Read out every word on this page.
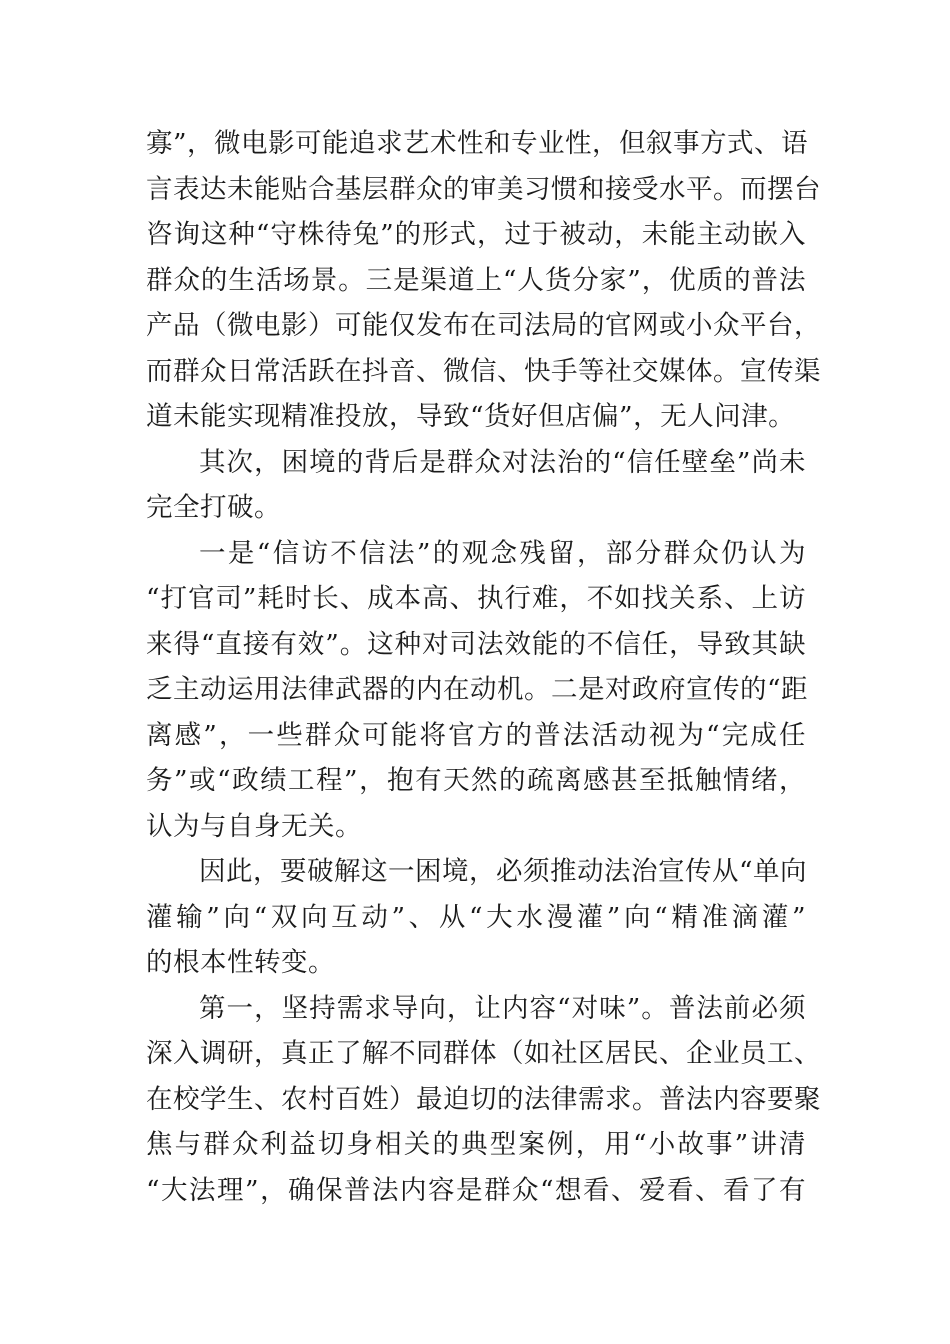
寡”，微电影可能追求艺术性和专业性，但叙事方式、语
言表达未能贴合基层群众的审美习惯和接受水平。而摆台
咨询这种“守株待兔”的形式，过于被动，未能主动嵌入
群众的生活场景。三是渠道上“人货分家”，优质的普法
产品（微电影）可能仅发布在司法局的官网或小众平台，
而群众日常活跃在抖音、微信、快手等社交媒体。宣传渠
道未能实现精准投放，导致“货好但店偏”，无人问津。
其次，困境的背后是群众对法治的“信任壁垒”尚未
完全打破。
一是“信访不信法”的观念残留，部分群众仍认为
“打官司”耗时长、成本高、执行难，不如找关系、上访
来得“直接有效”。这种对司法效能的不信任，导致其缺
乏主动运用法律武器的内在动机。二是对政府宣传的“距
离感”，一些群众可能将官方的普法活动视为“完成任
务”或“政绩工程”，抱有天然的疏离感甚至抵触情绪，
认为与自身无关。
因此，要破解这一困境，必须推动法治宣传从“单向
灌输”向“双向互动”、从“大水漫灌”向“精准滴灌”
的根本性转变。
第一，坚持需求导向，让内容“对味”。普法前必须
深入调研，真正了解不同群体（如社区居民、企业员工、
在校学生、农村百姓）最迫切的法律需求。普法内容要聚
焦与群众利益切身相关的典型案例，用“小故事”讲清
“大法理”，确保普法内容是群众“想看、爱看、看了有
